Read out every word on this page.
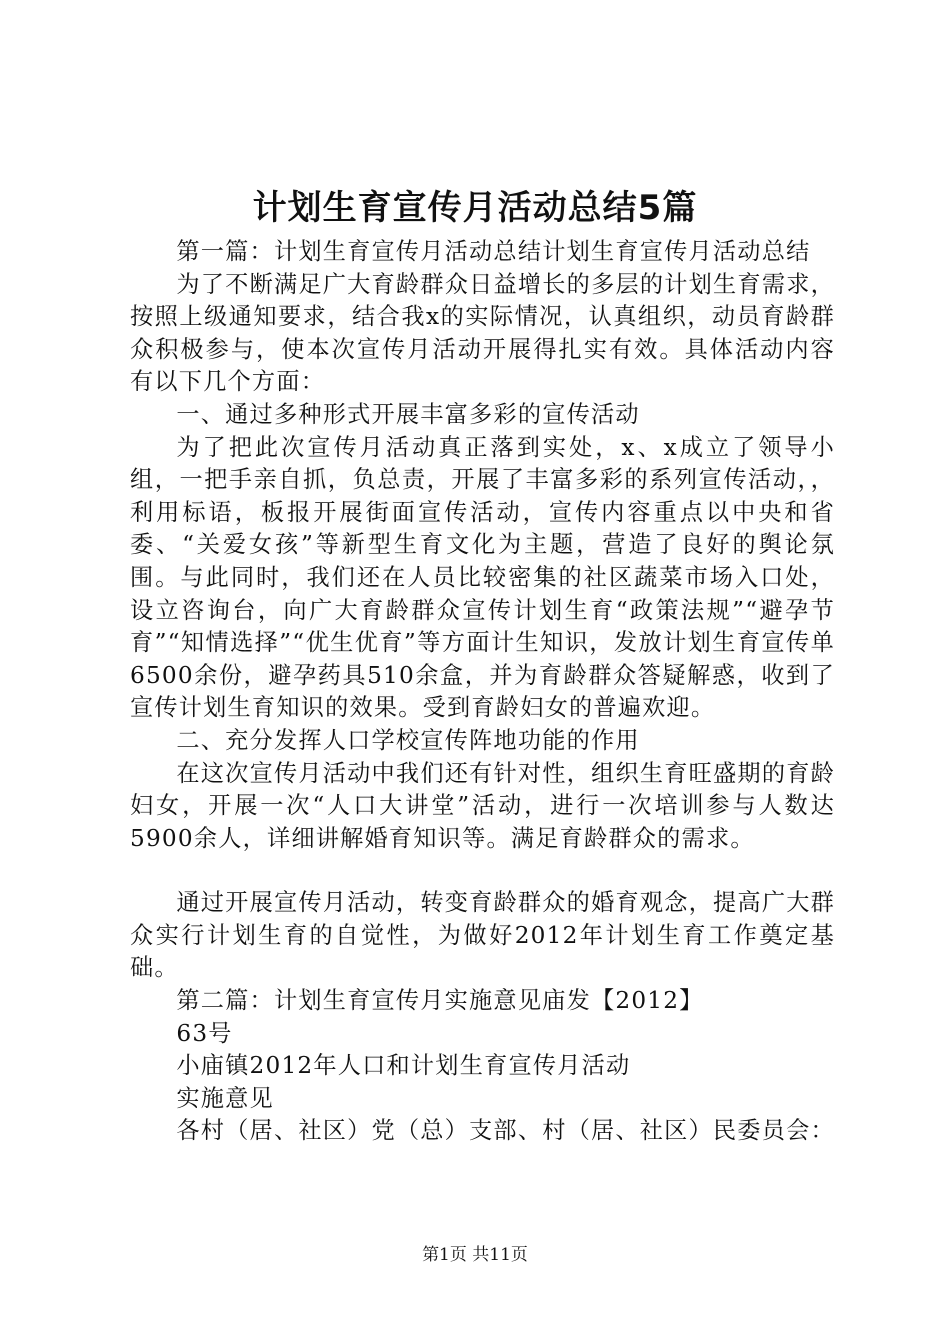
计划生育宣传月活动总结5篇

第一篇：计划生育宣传月活动总结计划生育宣传月活动总结

为了不断满足广大育龄群众日益增长的多层的计划生育需求，按照上级通知要求，结合我x的实际情况，认真组织，动员育龄群众积极参与，使本次宣传月活动开展得扎实有效。具体活动内容有以下几个方面：

一、通过多种形式开展丰富多彩的宣传活动

为了把此次宣传月活动真正落到实处，x、x成立了领导小组，一把手亲自抓，负总责，开展了丰富多彩的系列宣传活动，，利用标语，板报开展街面宣传活动，宣传内容重点以中央和省委、“关爱女孩”等新型生育文化为主题，营造了良好的舆论氛围。与此同时，我们还在人员比较密集的社区蔬菜市场入口处，设立咨询台，向广大育龄群众宣传计划生育“政策法规”“避孕节育”“知情选择”“优生优育”等方面计生知识，发放计划生育宣传单6500余份，避孕药具510余盒，并为育龄群众答疑解惑，收到了宣传计划生育知识的效果。受到育龄妇女的普遍欢迎。

二、充分发挥人口学校宣传阵地功能的作用

在这次宣传月活动中我们还有针对性，组织生育旺盛期的育龄妇女，开展一次“人口大讲堂”活动，进行一次培训参与人数达5900余人，详细讲解婚育知识等。满足育龄群众的需求。

通过开展宣传月活动，转变育龄群众的婚育观念，提高广大群众实行计划生育的自觉性，为做好2012年计划生育工作奠定基础。

第二篇：计划生育宣传月实施意见庙发【2012】

63号

小庙镇2012年人口和计划生育宣传月活动

实施意见

各村（居、社区）党（总）支部、村（居、社区）民委员会：

第1页 共11页
